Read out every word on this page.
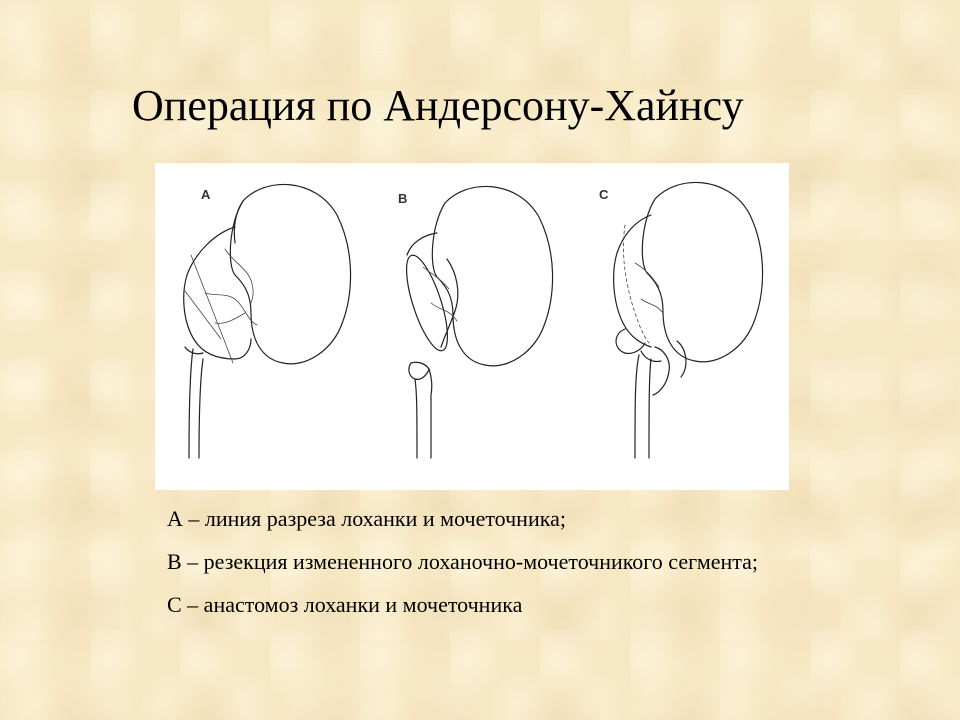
Операция по Андерсону-Хайнсу
A	B	C

А – линия разреза лоханки и мочеточника;

В – резекция измененного лоханочно-мочеточникого сегмента;

С – анастомоз лоханки и мочеточника
